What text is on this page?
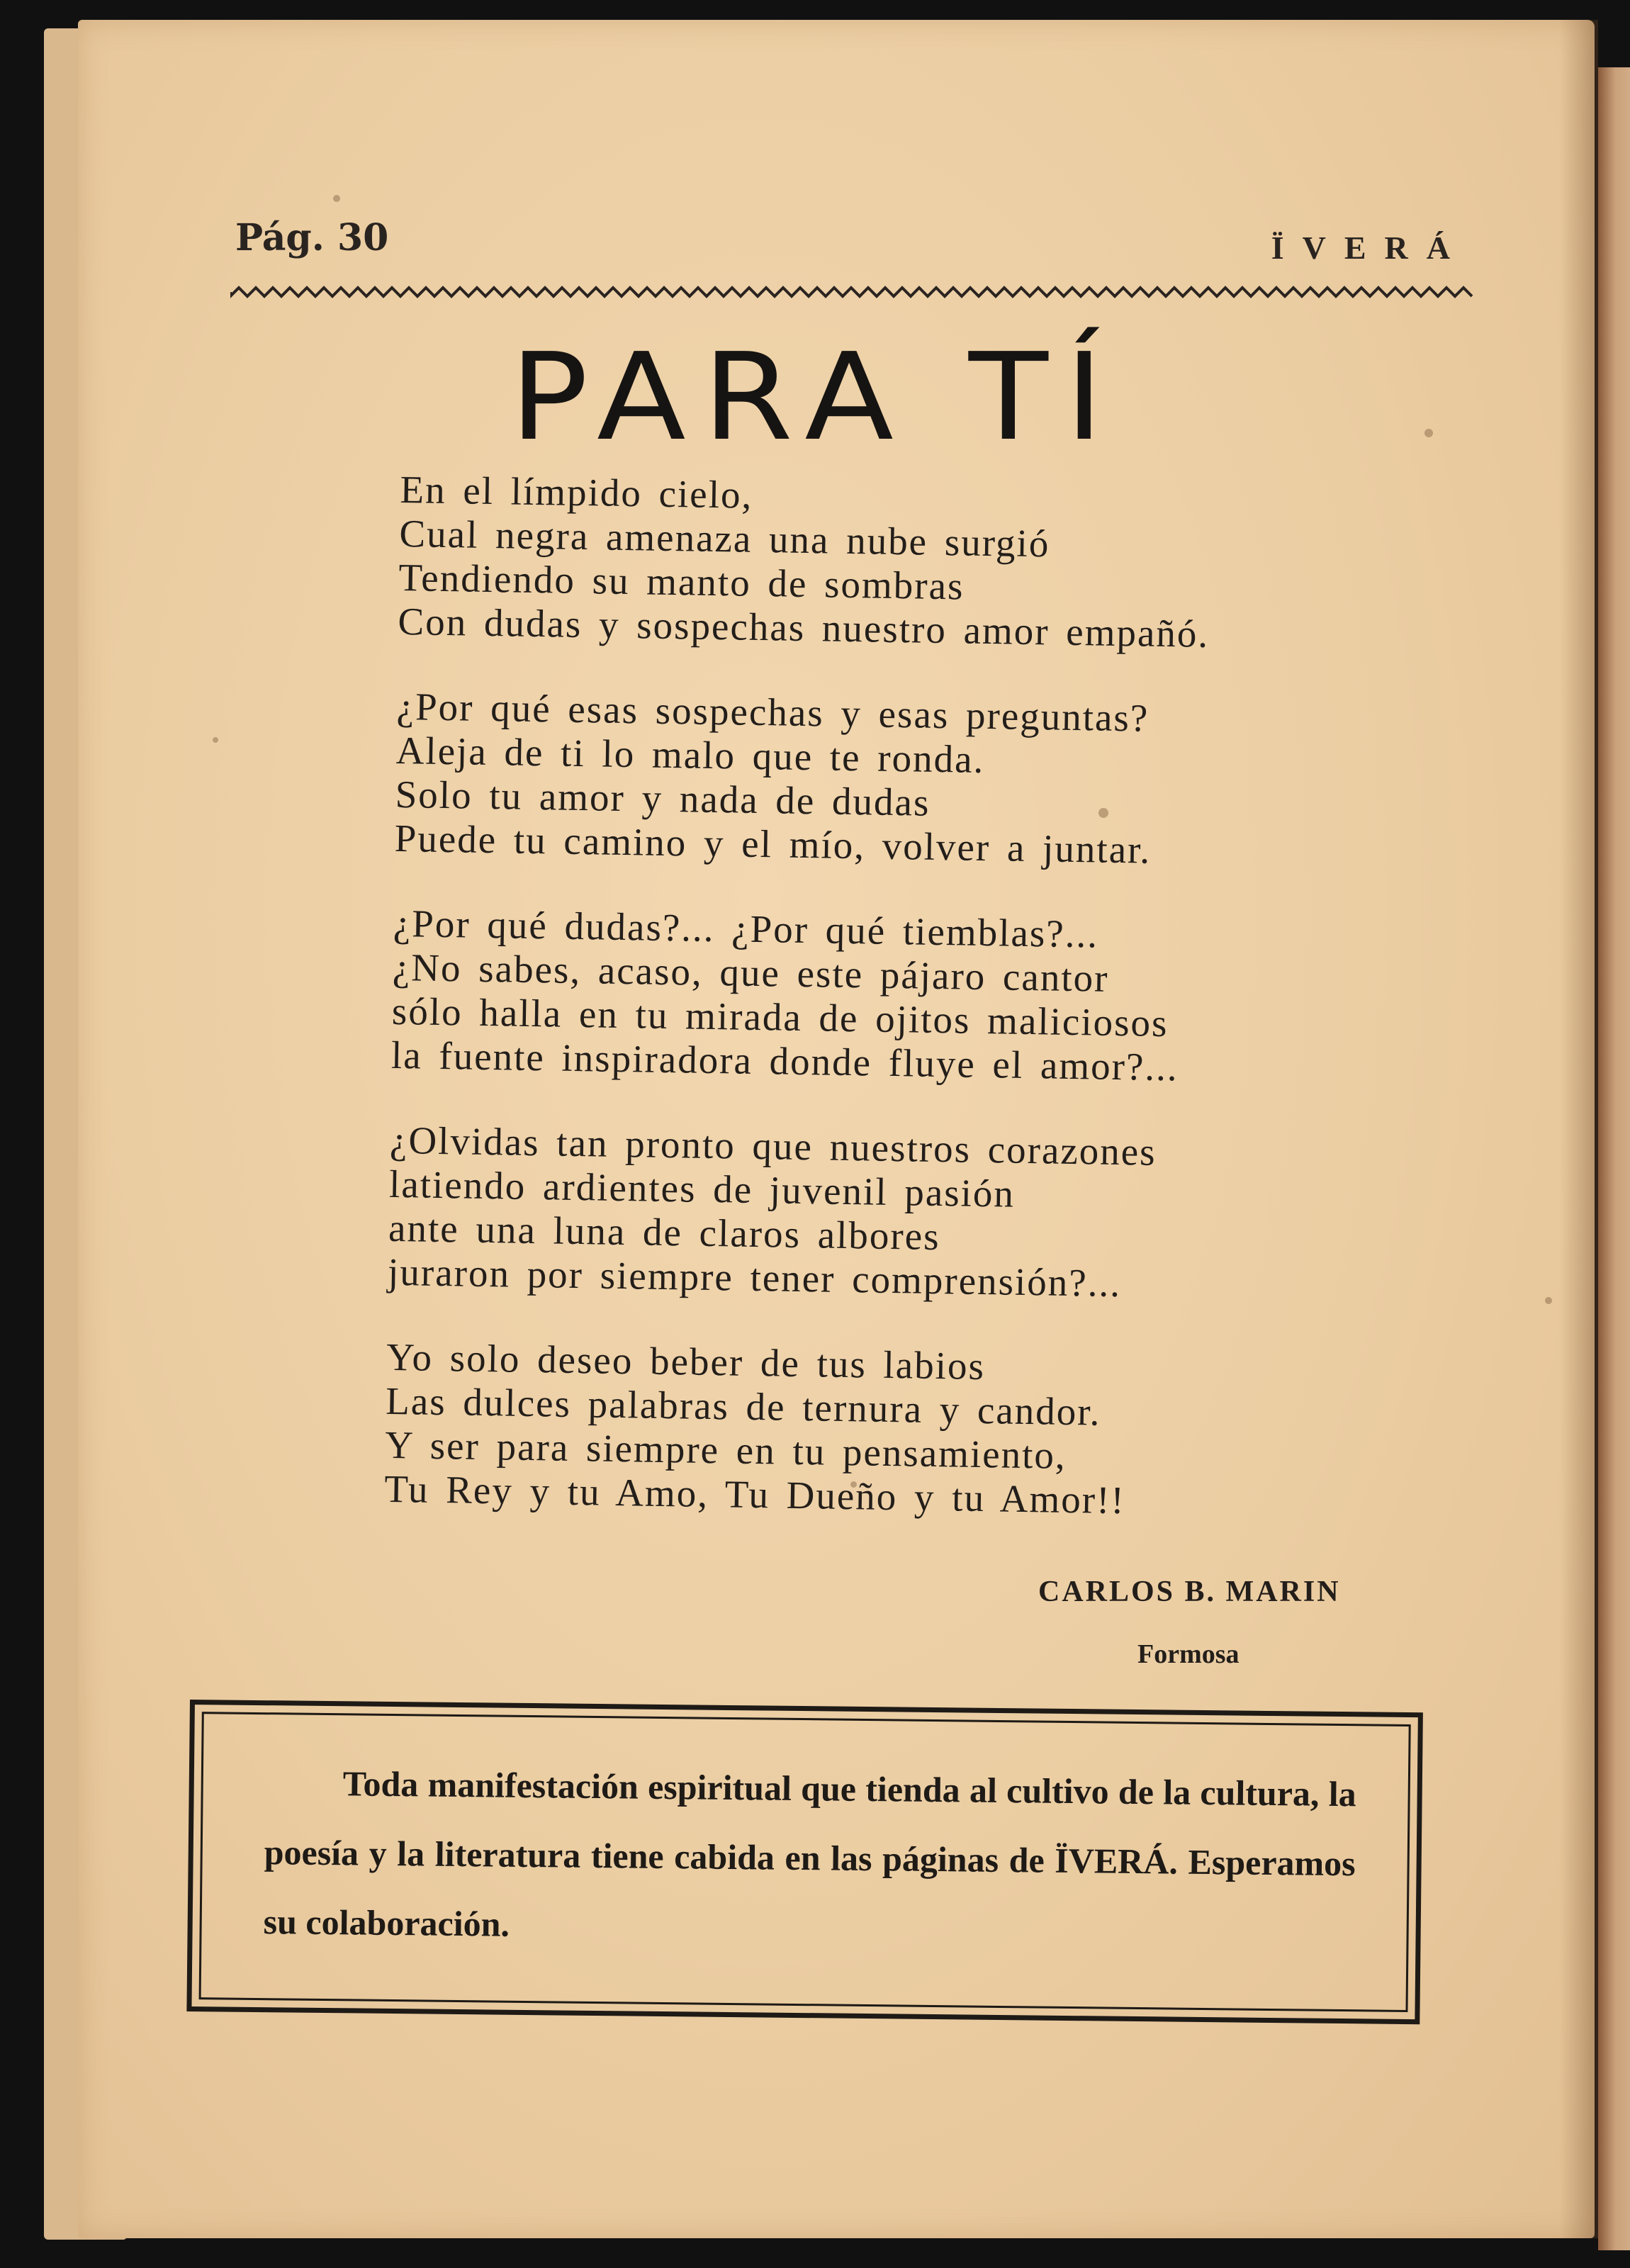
Pág. 30	ÏVERÁ
PARA TÍ
En el límpido cielo,
Cual negra amenaza una nube surgió
Tendiendo su manto de sombras
Con dudas y sospechas nuestro amor empañó.
¿Por qué esas sospechas y esas preguntas?
Aleja de ti lo malo que te ronda.
Solo tu amor y nada de dudas
Puede tu camino y el mío, volver a juntar.
¿Por qué dudas?... ¿Por qué tiemblas?...
¿No sabes, acaso, que este pájaro cantor
sólo halla en tu mirada de ojitos maliciosos
la fuente inspiradora donde fluye el amor?...
¿Olvidas tan pronto que nuestros corazones
latiendo ardientes de juvenil pasión
ante una luna de claros albores
juraron por siempre tener comprensión?...
Yo solo deseo beber de tus labios
Las dulces palabras de ternura y candor.
Y ser para siempre en tu pensamiento,
Tu Rey y tu Amo, Tu Dueño y tu Amor!!
CARLOS B. MARIN
Formosa
Toda manifestación espiritual que tienda al cultivo de la cultura, la poesía y la literatura tiene cabida en las páginas de ÏVERÁ. Esperamos su colaboración.
